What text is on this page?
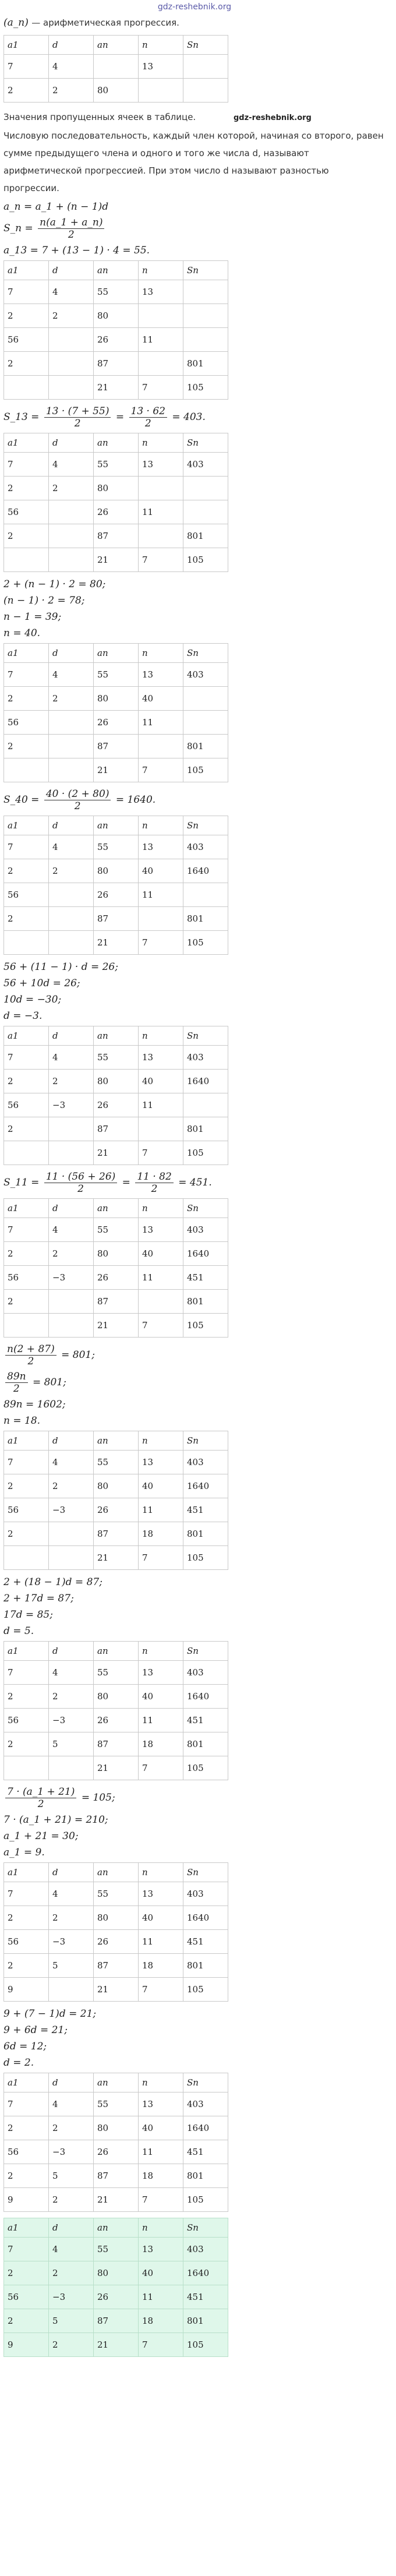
gdz-reshebnik.org
(a_n) — арифметическая прогрессия.
a1	d	an	n	Sn
7	4		13	
2	2	80		
Значения пропущенных ячеек в таблице.	gdz-reshebnik.org
Числовую последовательность, каждый член которой, начиная со второго, равен сумме предыдущего члена и одного и того же числа d, называют арифметической прогрессией. При этом число d называют разностью прогрессии.
a_n = a_1 + (n − 1)d
S_n = $\frac{n(a\_1 + a\_n)}{2}$
a_13 = 7 + (13 − 1) · 4 = 55.
a1	d	an	n	Sn
7	4	55	13	
2	2	80		
56		26	11	
2		87		801
		21	7	105
S_13 = $\frac{13 \cdot (7 + 55)}{2} = \frac{13 \cdot 62}{2} = 403$.
a1	d	an	n	Sn
7	4	55	13	403
2	2	80		
56		26	11	
2		87		801
		21	7	105
2 + (n − 1) · 2 = 80;
(n − 1) · 2 = 78;
n − 1 = 39;
n = 40.
a1	d	an	n	Sn
7	4	55	13	403
2	2	80	40	
56		26	11	
2		87		801
		21	7	105
S_40 = $\frac{40 \cdot (2 + 80)}{2} = 1640$.
a1	d	an	n	Sn
7	4	55	13	403
2	2	80	40	1640
56		26	11	
2		87		801
		21	7	105
56 + (11 − 1) · d = 26;
56 + 10d = 26;
10d = −30;
d = −3.
a1	d	an	n	Sn
7	4	55	13	403
2	2	80	40	1640
56	−3	26	11	
2		87		801
		21	7	105
S_11 = $\frac{11 \cdot (56 + 26)}{2} = \frac{11 \cdot 82}{2} = 451$.
a1	d	an	n	Sn
7	4	55	13	403
2	2	80	40	1640
56	−3	26	11	451
2		87		801
		21	7	105
$\frac{n(2 + 87)}{2} = 801$;
$\frac{89n}{2} = 801$;
89n = 1602;
n = 18.
a1	d	an	n	Sn
7	4	55	13	403
2	2	80	40	1640
56	−3	26	11	451
2		87	18	801
		21	7	105
2 + (18 − 1)d = 87;
2 + 17d = 87;
17d = 85;
d = 5.
a1	d	an	n	Sn
7	4	55	13	403
2	2	80	40	1640
56	−3	26	11	451
2	5	87	18	801
		21	7	105
$\frac{7 \cdot (a\_1 + 21)}{2} = 105$;
7 · (a_1 + 21) = 210;
a_1 + 21 = 30;
a_1 = 9.
a1	d	an	n	Sn
7	4	55	13	403
2	2	80	40	1640
56	−3	26	11	451
2	5	87	18	801
9		21	7	105
9 + (7 − 1)d = 21;
9 + 6d = 21;
6d = 12;
d = 2.
a1	d	an	n	Sn
7	4	55	13	403
2	2	80	40	1640
56	−3	26	11	451
2	5	87	18	801
9	2	21	7	105
a1	d	an	n	Sn
7	4	55	13	403
2	2	80	40	1640
56	−3	26	11	451
2	5	87	18	801
9	2	21	7	105
